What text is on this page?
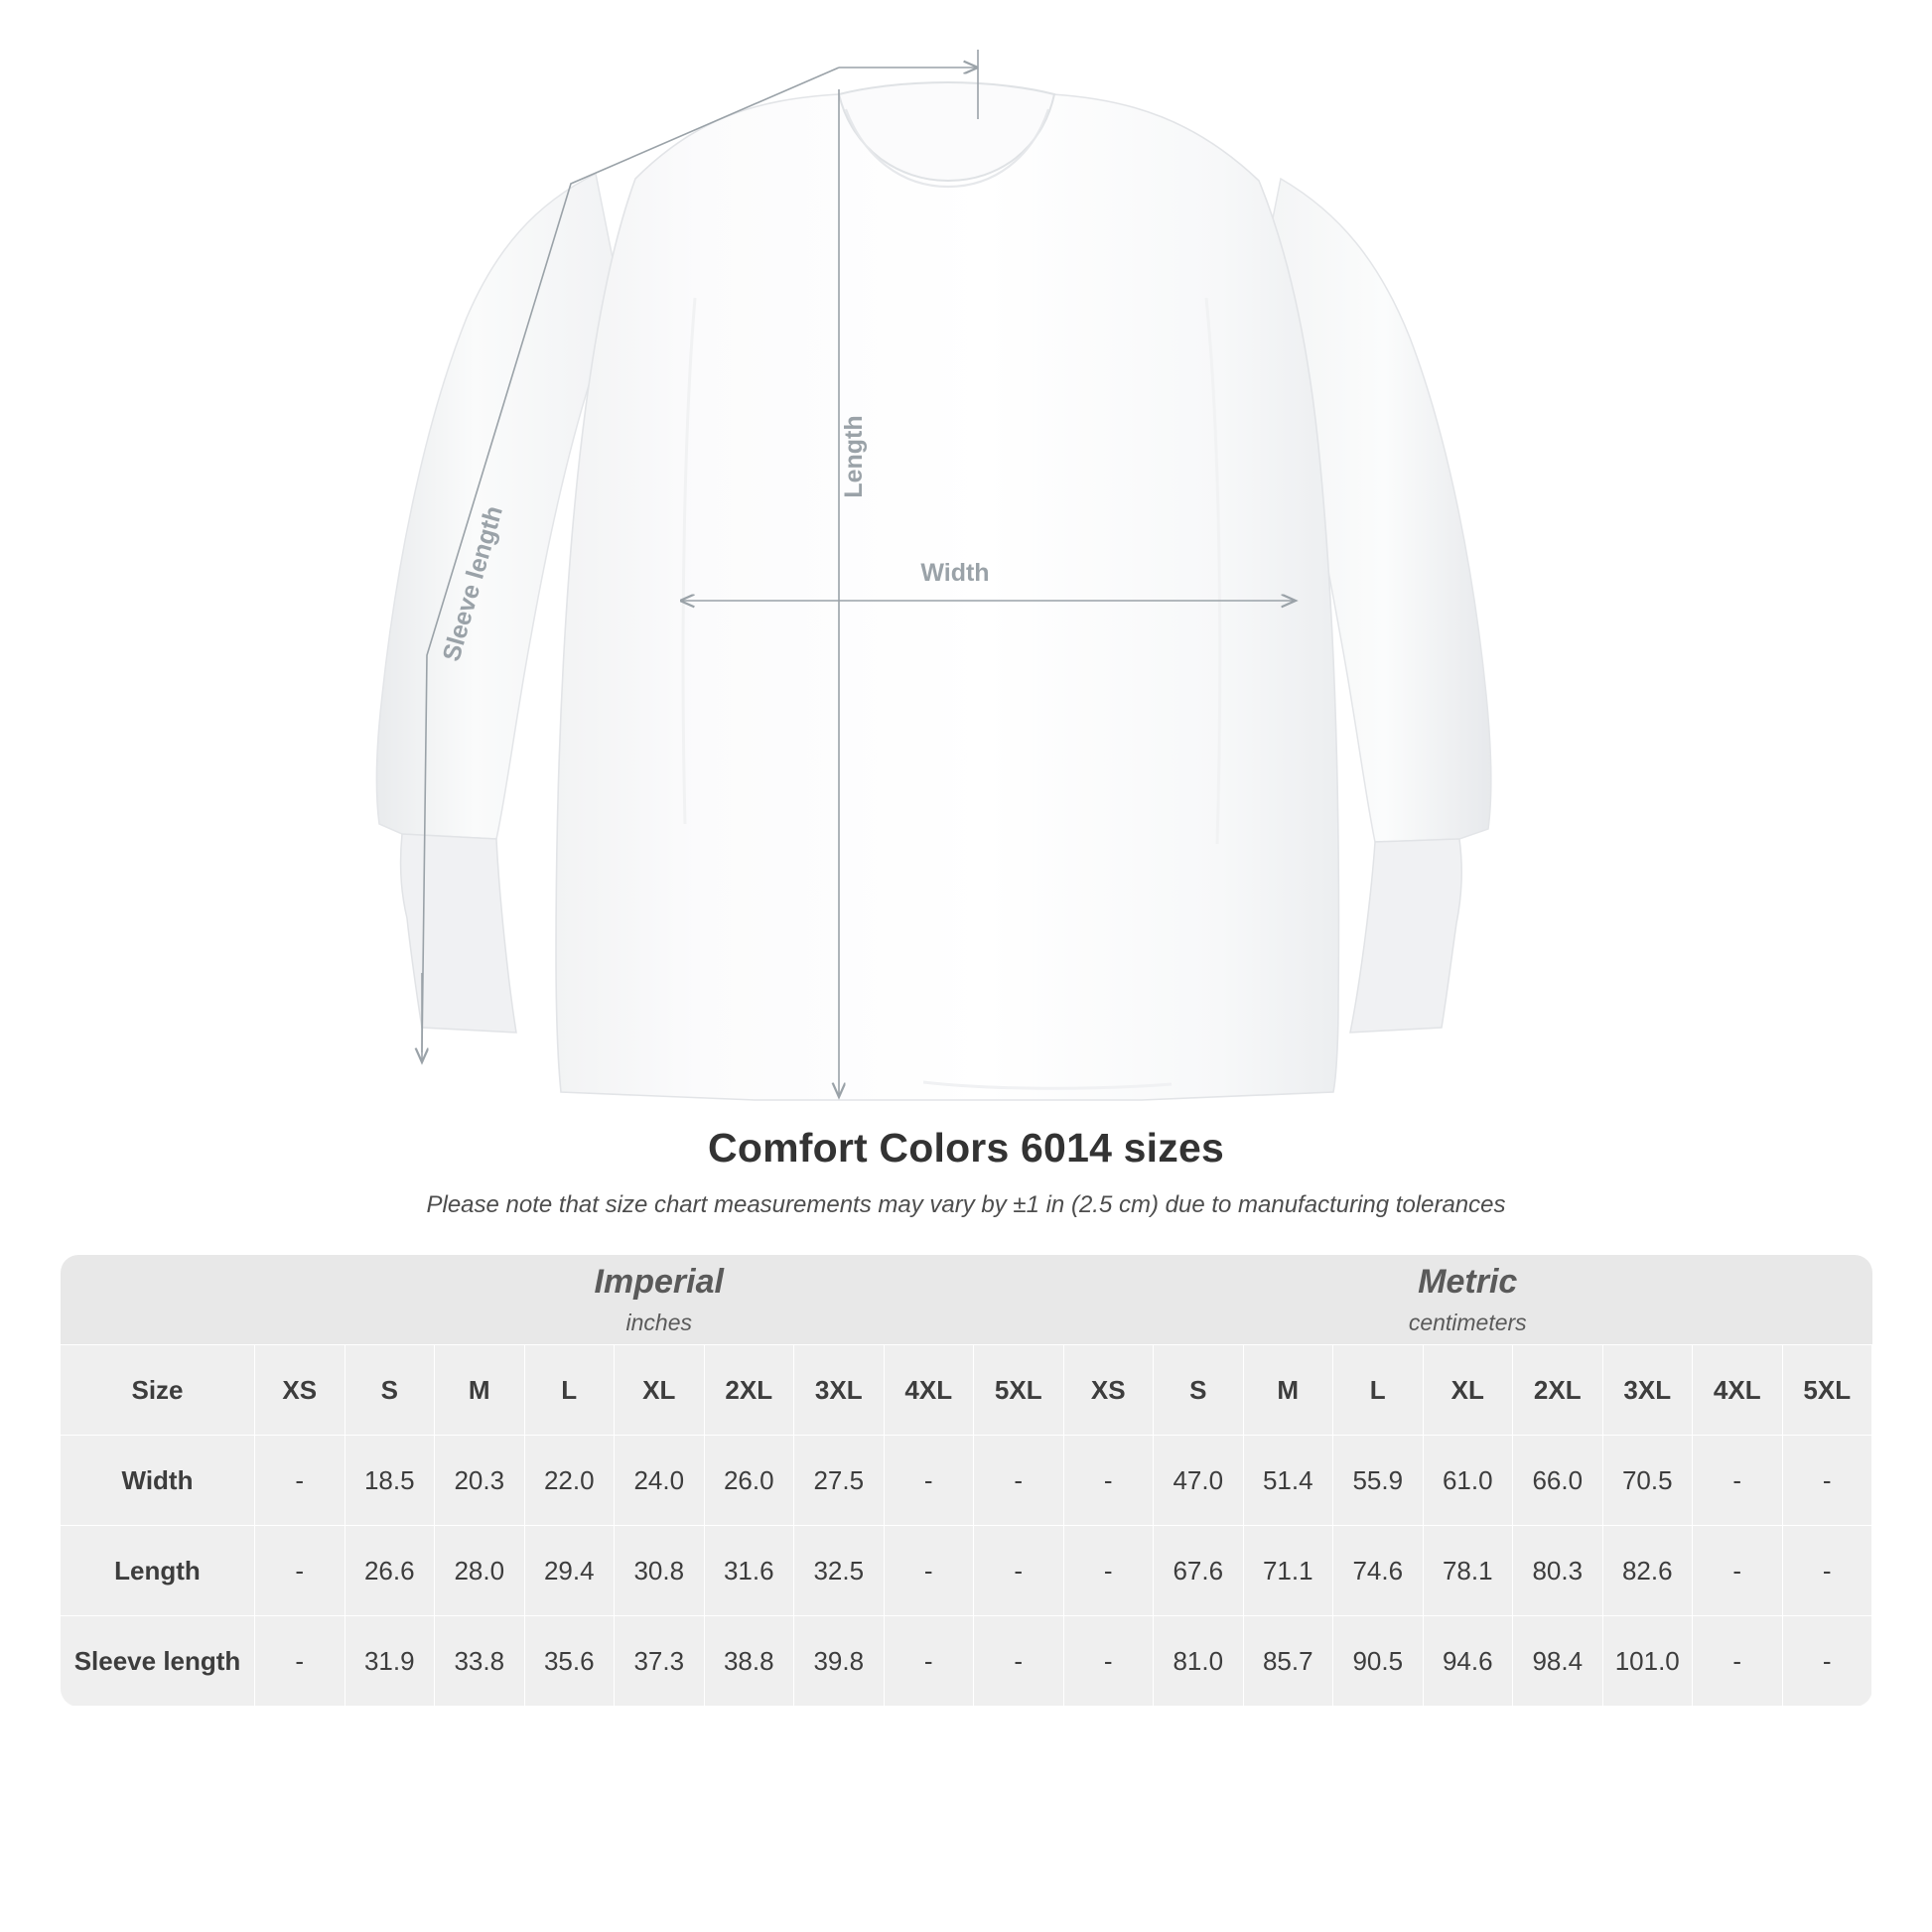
Sleeve length
Length
Width
Comfort Colors 6014 sizes
Please note that size chart measurements may vary by ±1 in (2.5 cm) due to manufacturing tolerances

Imperial
inches

Metric
centimeters

Size	XS	S	M	L	XL	2XL	3XL	4XL	5XL	XS	S	M	L	XL	2XL	3XL	4XL	5XL
Width	-	18.5	20.3	22.0	24.0	26.0	27.5	-	-	-	47.0	51.4	55.9	61.0	66.0	70.5	-	-
Length	-	26.6	28.0	29.4	30.8	31.6	32.5	-	-	-	67.6	71.1	74.6	78.1	80.3	82.6	-	-
Sleeve length	-	31.9	33.8	35.6	37.3	38.8	39.8	-	-	-	81.0	85.7	90.5	94.6	98.4	101.0	-	-
